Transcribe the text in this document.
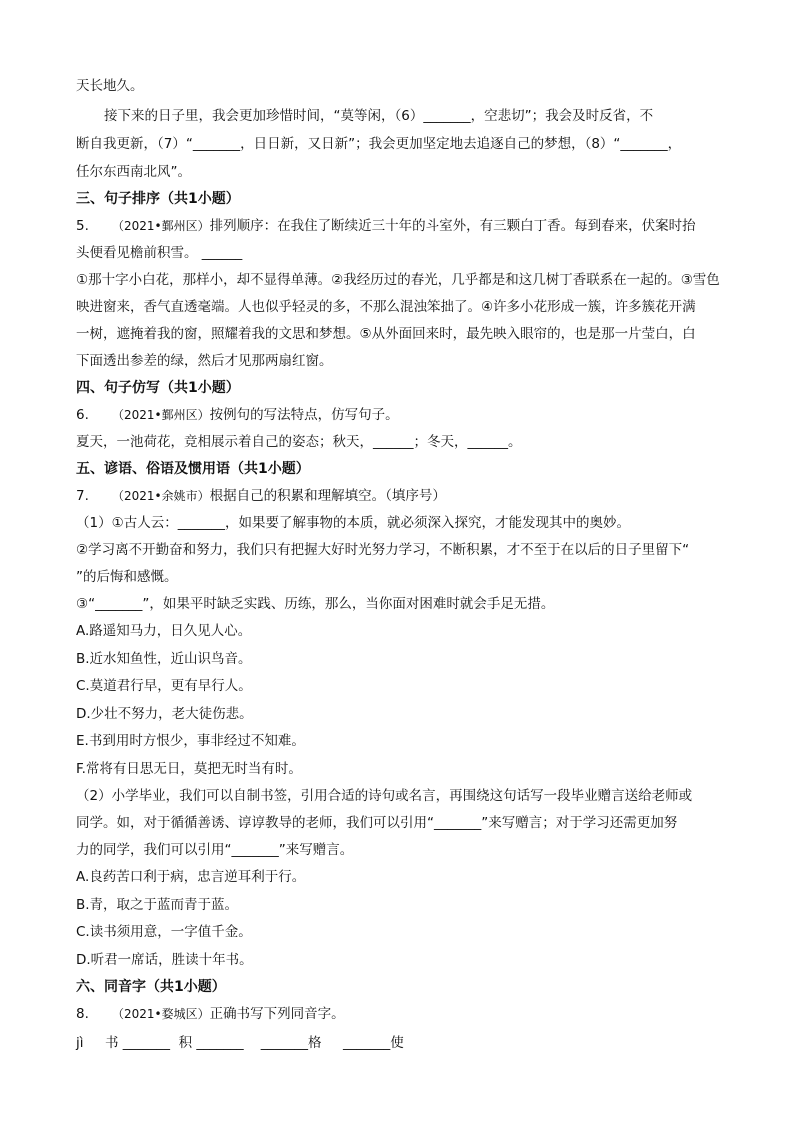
天长地久。

接下来的日子里，我会更加珍惜时间，“莫等闲，（6）_______，空悲切”；我会及时反省，不

断自我更新，（7）“_______，日日新，又日新”；我会更加坚定地去追逐自己的梦想，（8）“_______，

任尔东西南北风”。

三、句子排序（共1小题）

5. （2021•鄞州区）排列顺序：在我住了断续近三十年的斗室外，有三颗白丁香。每到春来，伏案时抬

头便看见檐前积雪。 ______

①那十字小白花，那样小，却不显得单薄。②我经历过的春光，几乎都是和这几树丁香联系在一起的。③雪色

映进窗来，香气直透毫端。人也似乎轻灵的多，不那么混浊笨拙了。④许多小花形成一簇，许多簇花开满

一树，遮掩着我的窗，照耀着我的文思和梦想。⑤从外面回来时，最先映入眼帘的，也是那一片莹白，白

下面透出参差的绿，然后才见那两扇红窗。

四、句子仿写（共1小题）

6. （2021•鄞州区）按例句的写法特点，仿写句子。

夏天，一池荷花，竞相展示着自己的姿态；秋天，______；冬天，______。

五、谚语、俗语及惯用语（共1小题）

7. （2021•余姚市）根据自己的积累和理解填空。（填序号）

（1）①古人云：_______，如果要了解事物的本质，就必须深入探究，才能发现其中的奥妙。

②学习离不开勤奋和努力，我们只有把握大好时光努力学习，不断积累，才不至于在以后的日子里留下“

”的后悔和感慨。

③“_______”，如果平时缺乏实践、历练，那么，当你面对困难时就会手足无措。

A.路遥知马力，日久见人心。

B.近水知鱼性，近山识鸟音。

C.莫道君行早，更有早行人。

D.少壮不努力，老大徒伤悲。

E.书到用时方恨少，事非经过不知难。

F.常将有日思无日，莫把无时当有时。

（2）小学毕业，我们可以自制书签，引用合适的诗句或名言，再围绕这句话写一段毕业赠言送给老师或

同学。如，对于循循善诱、谆谆教导的老师，我们可以引用“_______”来写赠言；对于学习还需更加努

力的同学，我们可以引用“_______”来写赠言。

A.良药苦口利于病，忠言逆耳利于行。

B.青，取之于蓝而青于蓝。

C.读书须用意，一字值千金。

D.听君一席话，胜读十年书。

六、同音字（共1小题）

8. （2021•婺城区）正确书写下列同音字。

jì     书 _______  积 _______    _______格     _______使
